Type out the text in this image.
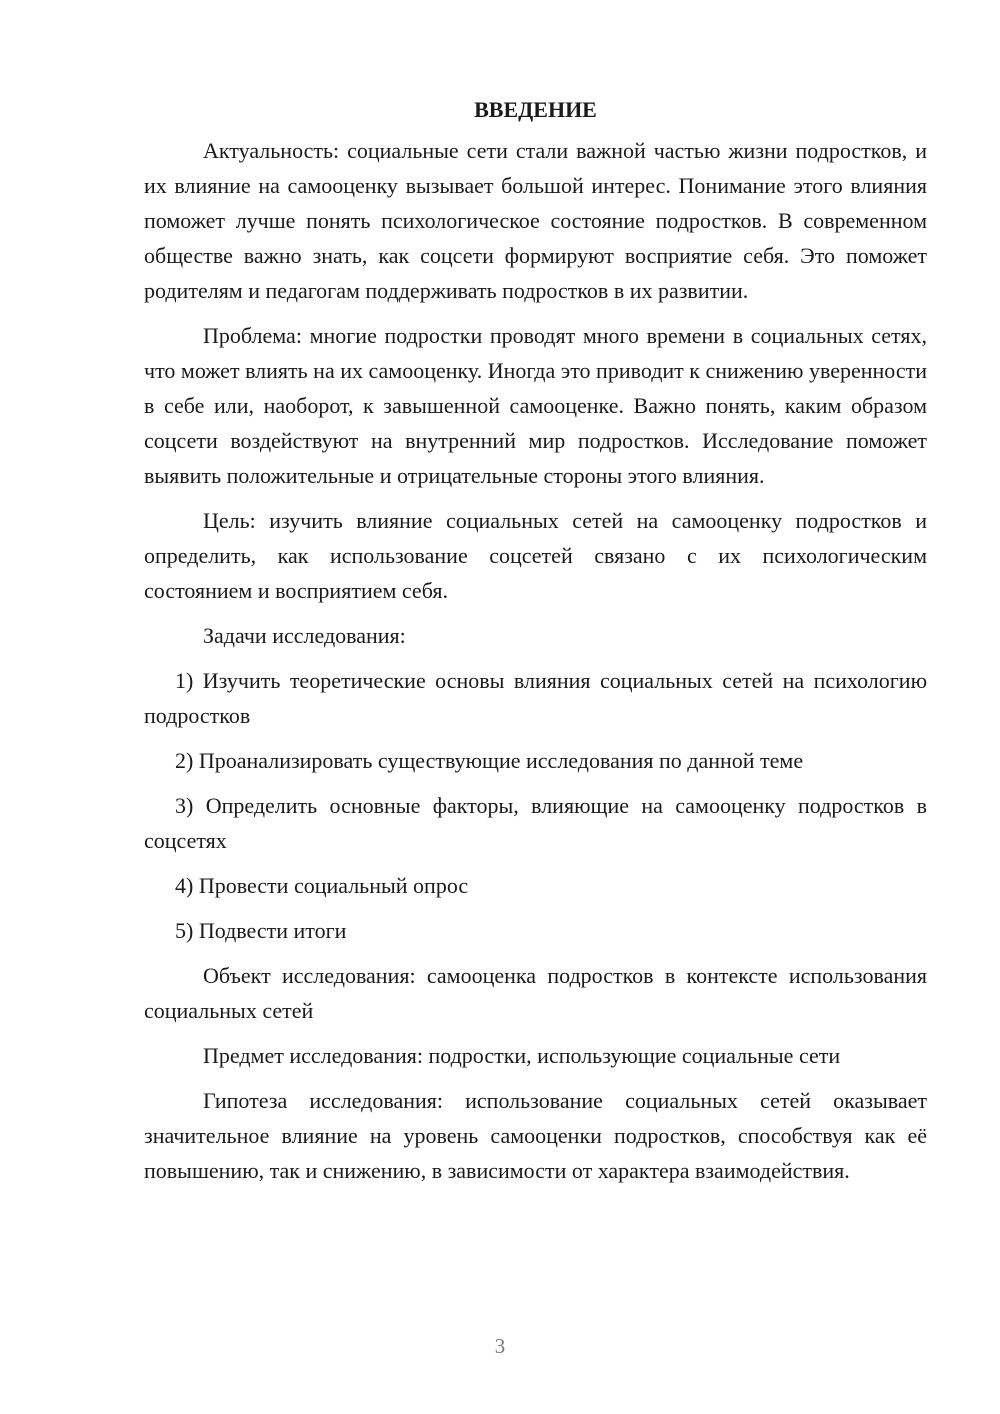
ВВЕДЕНИЕ

Актуальность: социальные сети стали важной частью жизни подростков, и их влияние на самооценку вызывает большой интерес. Понимание этого влияния поможет лучше понять психологическое состояние подростков. В современном обществе важно знать, как соцсети формируют восприятие себя. Это поможет родителям и педагогам поддерживать подростков в их развитии.

Проблема: многие подростки проводят много времени в социальных сетях, что может влиять на их самооценку. Иногда это приводит к снижению уверенности в себе или, наоборот, к завышенной самооценке. Важно понять, каким образом соцсети воздействуют на внутренний мир подростков. Исследование поможет выявить положительные и отрицательные стороны этого влияния.

Цель: изучить влияние социальных сетей на самооценку подростков и определить, как использование соцсетей связано с их психологическим состоянием и восприятием себя.

Задачи исследования:

1) Изучить теоретические основы влияния социальных сетей на психологию подростков

2) Проанализировать существующие исследования по данной теме

3) Определить основные факторы, влияющие на самооценку подростков в соцсетях

4) Провести социальный опрос

5) Подвести итоги

Объект исследования: самооценка подростков в контексте использования социальных сетей

Предмет исследования: подростки, использующие социальные сети

Гипотеза исследования: использование социальных сетей оказывает значительное влияние на уровень самооценки подростков, способствуя как её повышению, так и снижению, в зависимости от характера взаимодействия.

3
